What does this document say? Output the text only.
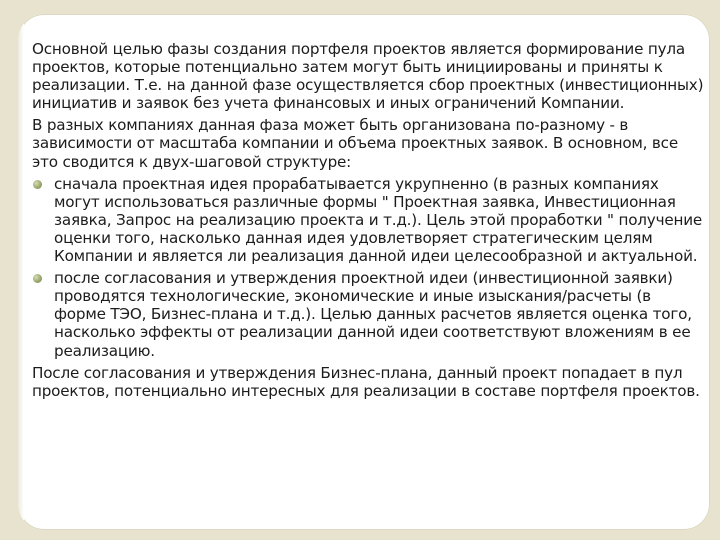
Основной целью фазы создания портфеля проектов является формирование пула проектов, которые потенциально затем могут быть инициированы и приняты к реализации. Т.е. на данной фазе осуществляется сбор проектных (инвестиционных) инициатив и заявок без учета финансовых и иных ограничений Компании.

В разных компаниях данная фаза может быть организована по-разному - в зависимости от масштаба компании и объема проектных заявок. В основном, все это сводится к двух-шаговой структуре:

сначала проектная идея прорабатывается укрупненно (в разных компаниях могут использоваться различные формы " Проектная заявка, Инвестиционная заявка, Запрос на реализацию проекта и т.д.). Цель этой проработки " получение оценки того, насколько данная идея удовлетворяет стратегическим целям Компании и является ли реализация данной идеи целесообразной и актуальной.
после согласования и утверждения проектной идеи (инвестиционной заявки) проводятся технологические, экономические и иные изыскания/расчеты (в форме ТЭО, Бизнес-плана и т.д.). Целью данных расчетов является оценка того, насколько эффекты от реализации данной идеи соответствуют вложениям в ее реализацию.

После согласования и утверждения Бизнес-плана, данный проект попадает в пул проектов, потенциально интересных для реализации в составе портфеля проектов.
